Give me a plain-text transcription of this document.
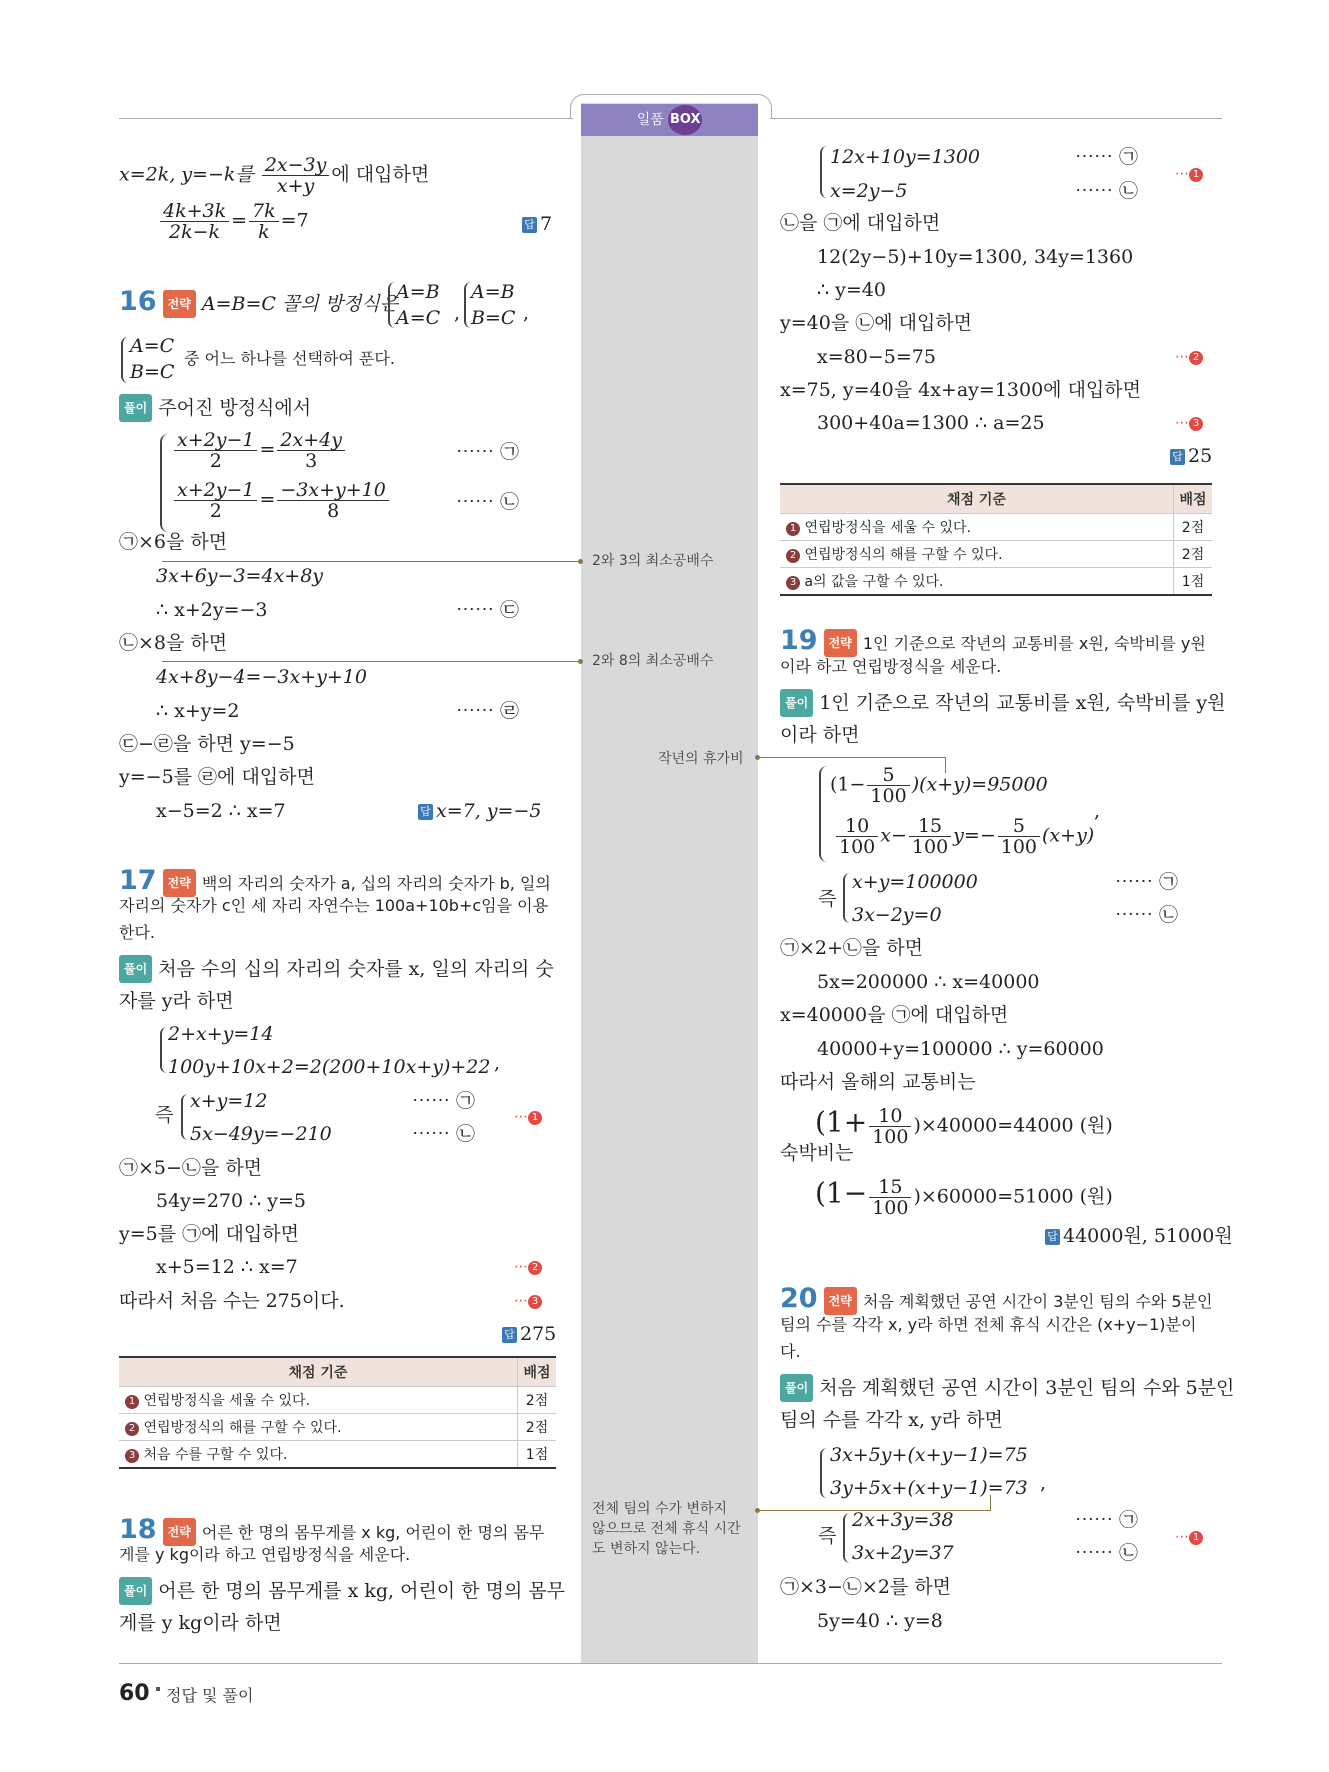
일품 BOX
x=2k, y=−k를 $\frac{2x-3y}{x+y}$ 에 대입하면
$\frac{4k+3k}{2k-k} = \frac{7k}{k} =7$	답 7
16 전략 A=B=C 꼴의 방정식은
A=B
A=C ,
A=B
B=C ,
A=C
B=C
중 어느 하나를 선택하여 푼다.
풀이 주어진 방정식에서
$\frac{x+2y-1}{2} = \frac{2x+4y}{3}$	⋯⋯ ㉠
$\frac{x+2y-1}{2} = \frac{-3x+y+10}{8}$	⋯⋯ ㉡
㉠×6을 하면
3x+6y−3=4x+8y
∴ x+2y=−3	⋯⋯ ㉢
㉡×8을 하면
4x+8y−4=−3x+y+10
∴ x+y=2	⋯⋯ ㉣
㉢−㉣을 하면 y=−5
y=−5를 ㉣에 대입하면
x−5=2 ∴ x=7	답 x=7, y=−5
17 전략 백의 자리의 숫자가 a, 십의 자리의 숫자가 b, 일의
자리의 숫자가 c인 세 자리 자연수는 100a+10b+c임을 이용
한다.
풀이 처음 수의 십의 자리의 숫자를 x, 일의 자리의 숫
자를 y라 하면
2+x+y=14
100y+10x+2=2(200+10x+y)+22 ,
즉
x+y=12	⋯⋯ ㉠
5x−49y=−210	⋯⋯ ㉡
⋯ 1
㉠×5−㉡을 하면
54y=270 ∴ y=5
y=5를 ㉠에 대입하면
x+5=12 ∴ x=7	⋯ 2
따라서 처음 수는 275이다.	⋯ 3
답 275
채점 기준	배점
1 연립방정식을 세울 수 있다.	2점
2 연립방정식의 해를 구할 수 있다.	2점
3 처음 수를 구할 수 있다.	1점
18 전략 어른 한 명의 몸무게를 x kg, 어린이 한 명의 몸무
게를 y kg이라 하고 연립방정식을 세운다.
풀이 어른 한 명의 몸무게를 x kg, 어린이 한 명의 몸무
게를 y kg이라 하면
2와 3의 최소공배수
2와 8의 최소공배수
작년의 휴가비
전체 팀의 수가 변하지
않으므로 전체 휴식 시간
도 변하지 않는다.
12x+10y=1300	⋯⋯ ㉠
x=2y−5	⋯⋯ ㉡
⋯ 1
㉡을 ㉠에 대입하면
12(2y−5)+10y=1300, 34y=1360
∴ y=40
y=40을 ㉡에 대입하면
x=80−5=75	⋯ 2
x=75, y=40을 4x+ay=1300에 대입하면
300+40a=1300 ∴ a=25	⋯ 3
답 25
채점 기준	배점
1 연립방정식을 세울 수 있다.	2점
2 연립방정식의 해를 구할 수 있다.	2점
3 a의 값을 구할 수 있다.	1점
19 전략 1인 기준으로 작년의 교통비를 x원, 숙박비를 y원
이라 하고 연립방정식을 세운다.
풀이 1인 기준으로 작년의 교통비를 x원, 숙박비를 y원
이라 하면
$(1- \frac{5}{100} )(x+y)=95000$
$\frac{10}{100} x- \frac{15}{100} y=- \frac{5}{100} (x+y)$
,
즉
x+y=100000	⋯⋯ ㉠
3x−2y=0	⋯⋯ ㉡
㉠×2+㉡을 하면
5x=200000 ∴ x=40000
x=40000을 ㉠에 대입하면
40000+y=100000 ∴ y=60000
따라서 올해의 교통비는
$(1+ \frac{10}{100} )\times 40000=44000$ (원)
숙박비는
$(1- \frac{15}{100} )\times 60000=51000$ (원)
답 44000원, 51000원
20 전략 처음 계획했던 공연 시간이 3분인 팀의 수와 5분인
팀의 수를 각각 x, y라 하면 전체 휴식 시간은 (x+y−1)분이
다.
풀이 처음 계획했던 공연 시간이 3분인 팀의 수와 5분인
팀의 수를 각각 x, y라 하면
3x+5y+(x+y−1)=75
3y+5x+(x+y−1)=73 ,
즉
2x+3y=38	⋯⋯ ㉠
3x+2y=37	⋯⋯ ㉡
⋯ 1
㉠×3−㉡×2를 하면
5y=40 ∴ y=8
60 정답 및 풀이
